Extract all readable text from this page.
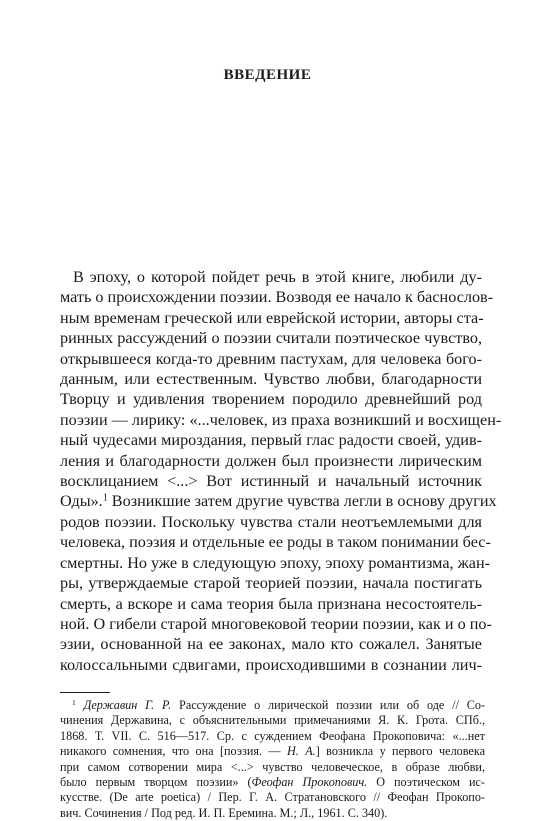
ВВЕДЕНИЕ
В эпоху, о которой пойдет речь в этой книге, любили ду-
мать о происхождении поэзии. Возводя ее начало к баснослов-
ным временам греческой или еврейской истории, авторы ста-
ринных рассуждений о поэзии считали поэтическое чувство,
открывшееся когда-то древним пастухам, для человека бого-
данным, или естественным. Чувство любви, благодарности
Творцу и удивления творением породило древнейший род
поэзии — лирику: «...человек, из праха возникший и восхищен-
ный чудесами мироздания, первый глас радости своей, удив-
ления и благодарности должен был произнести лирическим
восклицанием <...> Вот истинный и начальный источник
Оды».$^1$ Возникшие затем другие чувства легли в основу других
родов поэзии. Поскольку чувства стали неотъемлемыми для
человека, поэзия и отдельные ее роды в таком понимании бес-
смертны. Но уже в следующую эпоху, эпоху романтизма, жан-
ры, утверждаемые старой теорией поэзии, начала постигать
смерть, а вскоре и сама теория была признана несостоятель-
ной. О гибели старой многовековой теории поэзии, как и о по-
эзии, основанной на ее законах, мало кто сожалел. Занятые
колоссальными сдвигами, происходившими в сознании лич-
$^1$ Державин Г. Р. Рассуждение о лирической поэзии или об оде // Со-
чинения Державина, с объяснительными примечаниями Я. К. Грота. СПб.,
1868. Т. VII. С. 516—517. Ср. с суждением Феофана Прокоповича: «...нет
никакого сомнения, что она [поэзия. — Н. А.] возникла у первого человека
при самом сотворении мира <...> чувство человеческое, в образе любви,
было первым творцом поэзии» (Феофан Прокопович. О поэтическом ис-
кусстве. (De arte poetica) / Пер. Г. А. Стратановского // Феофан Прокопо-
вич. Сочинения / Под ред. И. П. Еремина. М.; Л., 1961. С. 340).
